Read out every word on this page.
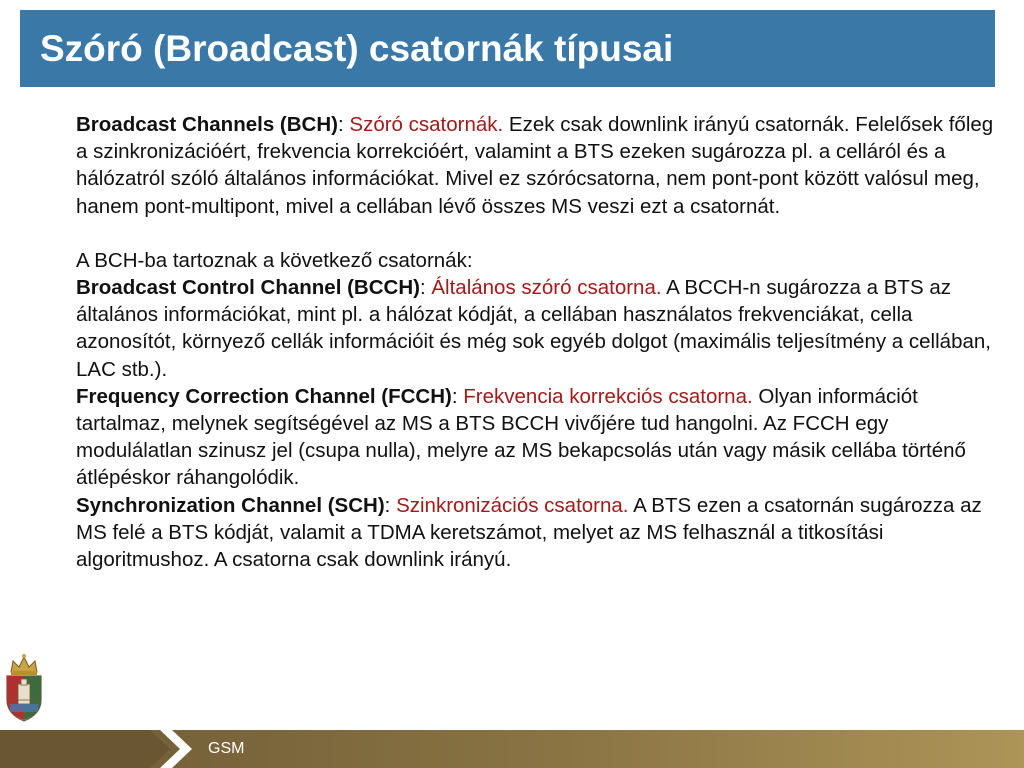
Szóró (Broadcast) csatornák típusai

Broadcast Channels (BCH): Szóró csatornák. Ezek csak downlink irányú csatornák. Felelősek főleg a szinkronizációért, frekvencia korrekcióért, valamint a BTS ezeken sugározza pl. a celláról és a hálózatról szóló általános információkat. Mivel ez szórócsatorna, nem pont-pont között valósul meg, hanem pont-multipont, mivel a cellában lévő összes MS veszi ezt a csatornát.

A BCH-ba tartoznak a következő csatornák:

Broadcast Control Channel (BCCH): Általános szóró csatorna. A BCCH-n sugározza a BTS az általános információkat, mint pl. a hálózat kódját, a cellában használatos frekvenciákat, cella azonosítót, környező cellák információit és még sok egyéb dolgot (maximális teljesítmény a cellában, LAC stb.).

Frequency Correction Channel (FCCH): Frekvencia korrekciós csatorna. Olyan információt tartalmaz, melynek segítségével az MS a BTS BCCH vivőjére tud hangolni. Az FCCH egy modulálatlan szinusz jel (csupa nulla), melyre az MS bekapcsolás után vagy másik cellába történő átlépéskor ráhangolódik.

Synchronization Channel (SCH): Szinkronizációs csatorna. A BTS ezen a csatornán sugározza az MS felé a BTS kódját, valamit a TDMA keretszámot, melyet az MS felhasznál a titkosítási algoritmushoz. A csatorna csak downlink irányú.

GSM
